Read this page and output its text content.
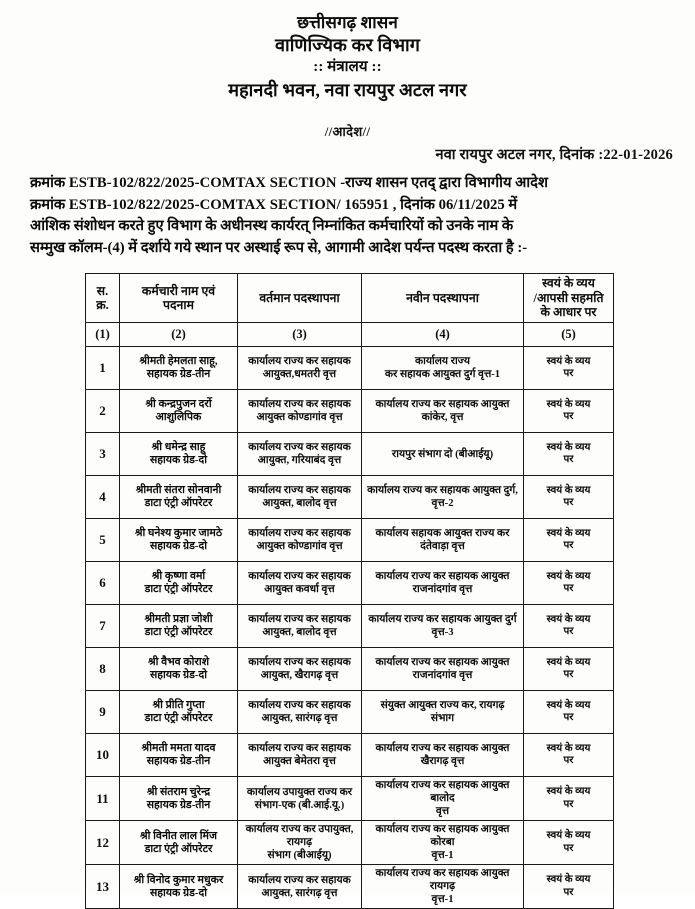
छत्तीसगढ़ शासन
वाणिज्यिक कर विभाग
:: मंत्रालय ::
महानदी भवन, नवा रायपुर अटल नगर
//आदेश//
नवा रायपुर अटल नगर, दिनांक :22-01-2026
क्रमांक ESTB-102/822/2025-COMTAX SECTION -राज्य शासन एतद् द्वारा विभागीय आदेश
क्रमांक ESTB-102/822/2025-COMTAX SECTION/ 165951 , दिनांक 06/11/2025 में
आंशिक संशोधन करते हुए विभाग के अधीनस्थ कार्यरत् निम्नांकित कर्मचारियों को उनके नाम के
सम्मुख कॉलम-(4) में दर्शाये गये स्थान पर अस्थाई रूप से, आगामी आदेश पर्यन्त पदस्थ करता है :-
स.
क्र.	कर्मचारी नाम एवं
पदनाम	वर्तमान पदस्थापना	नवीन पदस्थापना	स्वयं के व्यय
/आपसी सहमति
के आधार पर
(1)	(2)	(3)	(4)	(5)
1	श्रीमती हेमलता साहू,
सहायक ग्रेड-तीन	कार्यालय राज्य कर सहायक
आयुक्त,धमतरी वृत्त	कार्यालय राज्य
कर सहायक आयुक्त दुर्ग वृत्त-1	स्वयं के व्यय
पर
2	श्री कन्द्रपुजन दर्रो
आशुलिपिक	कार्यालय राज्य कर सहायक
आयुक्त कोण्डागांव वृत्त	कार्यालय राज्य कर सहायक आयुक्त
कांकेर, वृत्त	स्वयं के व्यय
पर
3	श्री धमेन्द्र साहू
सहायक ग्रेड-दो	कार्यालय राज्य कर सहायक
आयुक्त, गरियाबंद वृत्त	रायपुर संभाग दो (बीआईयू)	स्वयं के व्यय
पर
4	श्रीमती संतरा सोनवानी
डाटा एंट्री ऑपरेटर	कार्यालय राज्य कर सहायक
आयुक्त, बालोद वृत्त	कार्यालय राज्य कर सहायक आयुक्त दुर्ग,
वृत्त-2	स्वयं के व्यय
पर
5	श्री घनेश्य कुमार जामठे
सहायक ग्रेड-दो	कार्यालय राज्य कर सहायक
आयुक्त कोण्डागांव वृत्त	कार्यालय सहायक आयुक्त राज्य कर
दंतेवाड़ा वृत्त	स्वयं के व्यय
पर
6	श्री कृष्णा वर्मा
डाटा एंट्री ऑपरेटर	कार्यालय राज्य कर सहायक
आयुक्त कवर्धा वृत्त	कार्यालय राज्य कर सहायक आयुक्त
राजनांदगांव वृत्त	स्वयं के व्यय
पर
7	श्रीमती प्रज्ञा जोशी
डाटा एंट्री ऑपरेटर	कार्यालय राज्य कर सहायक
आयुक्त, बालोद वृत्त	कार्यालय राज्य कर सहायक आयुक्त दुर्ग वृत्त-3	स्वयं के व्यय
पर
8	श्री वैभव कोराशे
सहायक ग्रेड-दो	कार्यालय राज्य कर सहायक
आयुक्त, खैरागढ़ वृत्त	कार्यालय राज्य कर सहायक आयुक्त
राजनांदगांव वृत्त	स्वयं के व्यय
पर
9	श्री प्रीति गुप्ता
डाटा एंट्री ऑपरेटर	कार्यालय राज्य कर सहायक
आयुक्त, सारंगढ़ वृत्त	संयुक्त आयुक्त राज्य कर, रायगढ़
संभाग	स्वयं के व्यय
पर
10	श्रीमती ममता यादव
सहायक ग्रेड-तीन	कार्यालय राज्य कर सहायक
आयुक्त बेमेतरा वृत्त	कार्यालय राज्य कर सहायक आयुक्त
खैरागढ़ वृत्त	स्वयं के व्यय
पर
11	श्री संतराम चुरेन्द्र
सहायक ग्रेड-तीन	कार्यालय उपायुक्त राज्य कर
संभाग-एक (बी.आई.यू.)	कार्यालय राज्य कर सहायक आयुक्त बालोद
वृत्त	स्वयं के व्यय
पर
12	श्री विनीत लाल मिंज
डाटा एंट्री ऑपरेटर	कार्यालय राज्य कर उपायुक्त,
रायगढ़
संभाग (बीआईयू)	कार्यालय राज्य कर सहायक आयुक्त कोरबा
वृत्त-1	स्वयं के व्यय
पर
13	श्री विनोद कुमार मधुकर
सहायक ग्रेड-दो	कार्यालय राज्य कर सहायक
आयुक्त, सारंगढ़ वृत्त	कार्यालय राज्य कर सहायक आयुक्त रायगढ़
वृत्त-1	स्वयं के व्यय
पर
